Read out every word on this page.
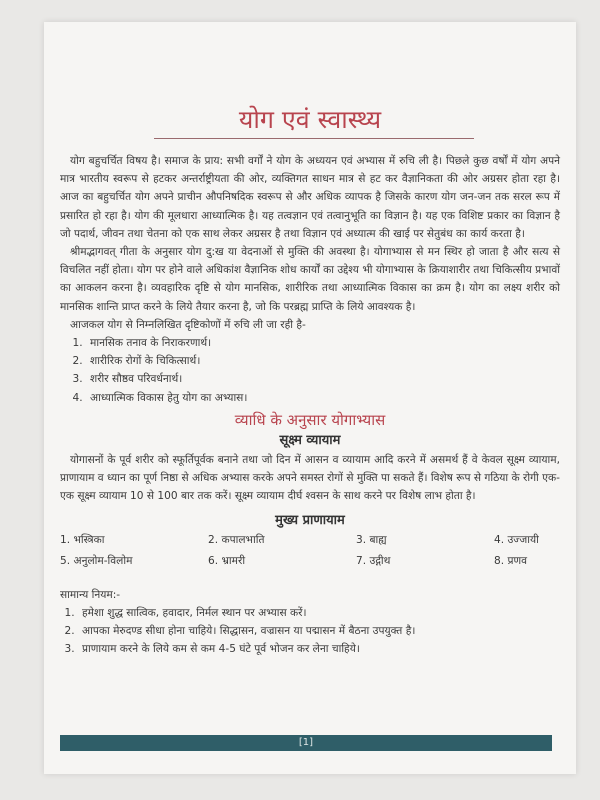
योग एवं स्वास्थ्य

योग बहुचर्चित विषय है। समाज के प्राय: सभी वर्गों ने योग के अध्ययन एवं अभ्यास में रुचि ली है। पिछले कुछ वर्षों में योग अपने मात्र भारतीय स्वरूप से हटकर अन्तर्राष्ट्रीयता की ओर, व्यक्तिगत साधन मात्र से हट कर वैज्ञानिकता की ओर अग्रसर होता रहा है। आज का बहुचर्चित योग अपने प्राचीन औपनिषदिक स्वरूप से और अधिक व्यापक है जिसके कारण योग जन-जन तक सरल रूप में प्रसारित हो रहा है। योग की मूलधारा आध्यात्मिक है। यह तत्वज्ञान एवं तत्वानुभूति का विज्ञान है। यह एक विशिष्ट प्रकार का विज्ञान है जो पदार्थ, जीवन तथा चेतना को एक साथ लेकर अग्रसर है तथा विज्ञान एवं अध्यात्म की खाई पर सेतुबंध का कार्य करता है।

श्रीमद्भागवत् गीता के अनुसार योग दु:ख या वेदनाओं से मुक्ति की अवस्था है। योगाभ्यास से मन स्थिर हो जाता है और सत्य से विचलित नहीं होता। योग पर होने वाले अधिकांश वैज्ञानिक शोध कार्यों का उद्देश्य भी योगाभ्यास के क्रियाशारीर तथा चिकित्सीय प्रभावों का आकलन करना है। व्यवहारिक दृष्टि से योग मानसिक, शारीरिक तथा आध्यात्मिक विकास का क्रम है। योग का लक्ष्य शरीर को मानसिक शान्ति प्राप्त करने के लिये तैयार करना है, जो कि परब्रह्म प्राप्ति के लिये आवश्यक है।

आजकल योग से निम्नलिखित दृष्टिकोणों में रुचि ली जा रही है-

1. मानसिक तनाव के निराकरणार्थ।
2. शारीरिक रोगों के चिकित्सार्थ।
3. शरीर सौष्ठव परिवर्धनार्थ।
4. आध्यात्मिक विकास हेतु योग का अभ्यास।
व्याधि के अनुसार योगाभ्यास
सूक्ष्म व्यायाम

योगासनों के पूर्व शरीर को स्फूर्तिपूर्वक बनाने तथा जो दिन में आसन व व्यायाम आदि करने में असमर्थ हैं वे केवल सूक्ष्म व्यायाम, प्राणायाम व ध्यान का पूर्ण निष्ठा से अधिक अभ्यास करके अपने समस्त रोगों से मुक्ति पा सकते हैं। विशेष रूप से गठिया के रोगी एक-एक सूक्ष्म व्यायाम 10 से 100 बार तक करें। सूक्ष्म व्यायाम दीर्घ श्वसन के साथ करने पर विशेष लाभ होता है।

मुख्य प्राणायाम
1. भस्त्रिका	2. कपालभाति	3. बाह्य	4. उज्जायी
5. अनुलोम-विलोम	6. भ्रामरी	7. उद्गीथ	8. प्रणव
सामान्य नियम:-
1. हमेशा शुद्ध सात्विक, हवादार, निर्मल स्थान पर अभ्यास करें।
2. आपका मेरुदण्ड सीधा होना चाहिये। सिद्धासन, वज्रासन या पद्मासन में बैठना उपयुक्त है।
3. प्राणायाम करने के लिये कम से कम 4-5 घंटे पूर्व भोजन कर लेना चाहिये।
[1]
